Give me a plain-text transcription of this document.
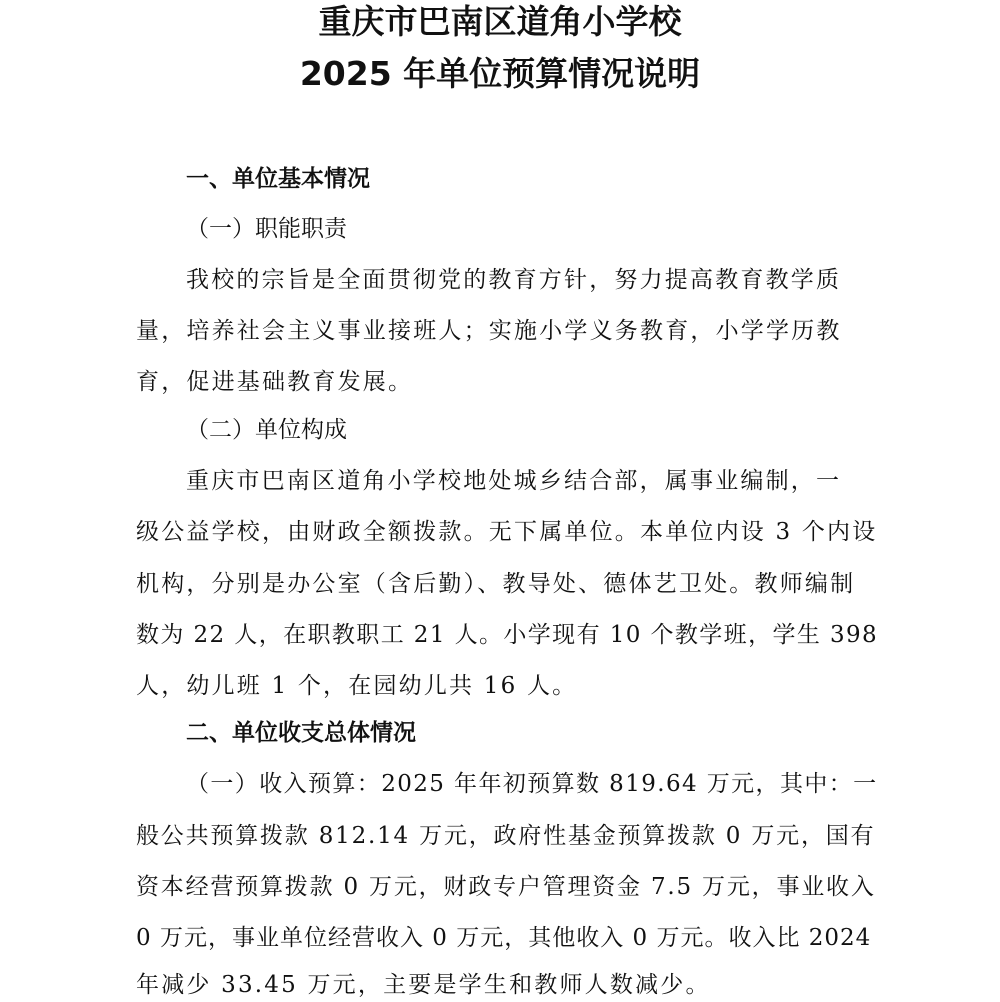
重庆市巴南区道角小学校
2025 年单位预算情况说明
一、单位基本情况
（一）职能职责
我校的宗旨是全面贯彻党的教育方针，努力提高教育教学质
量，培养社会主义事业接班人；实施小学义务教育，小学学历教
育，促进基础教育发展。
（二）单位构成
重庆市巴南区道角小学校地处城乡结合部，属事业编制，一
级公益学校，由财政全额拨款。无下属单位。本单位内设 3 个内设
机构，分别是办公室（含后勤）、教导处、德体艺卫处。教师编制
数为 22 人，在职教职工 21 人。小学现有 10 个教学班，学生 398
人，幼儿班 1 个，在园幼儿共 16 人。
二、单位收支总体情况
（一）收入预算：2025 年年初预算数 819.64 万元，其中：一
般公共预算拨款 812.14 万元，政府性基金预算拨款 0 万元，国有
资本经营预算拨款 0 万元，财政专户管理资金 7.5 万元，事业收入
0 万元，事业单位经营收入 0 万元，其他收入 0 万元。收入比 2024
年减少 33.45 万元，主要是学生和教师人数减少。
